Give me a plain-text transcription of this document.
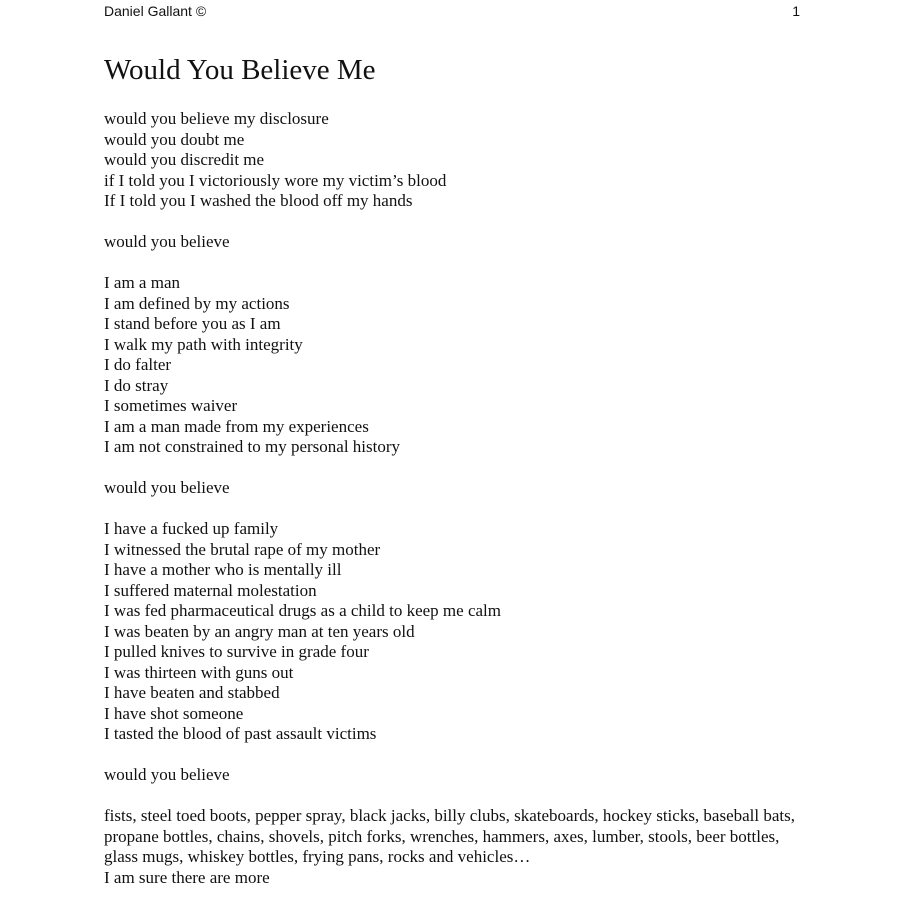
Daniel Gallant ©	1
Would You Believe Me
would you believe my disclosure
would you doubt me
would you discredit me
if I told you I victoriously wore my victim’s blood
If I told you I washed the blood off my hands
would you believe
I am a man
I am defined by my actions
I stand before you as I am
I walk my path with integrity
I do falter
I do stray
I sometimes waiver
I am a man made from my experiences
I am not constrained to my personal history
would you believe
I have a fucked up family
I witnessed the brutal rape of my mother
I have a mother who is mentally ill
I suffered maternal molestation
I was fed pharmaceutical drugs as a child to keep me calm
I was beaten by an angry man at ten years old
I pulled knives to survive in grade four
I was thirteen with guns out
I have beaten and stabbed
I have shot someone
I tasted the blood of past assault victims
would you believe
fists, steel toed boots, pepper spray, black jacks, billy clubs, skateboards, hockey sticks, baseball bats, propane bottles, chains, shovels, pitch forks, wrenches, hammers, axes, lumber, stools, beer bottles, glass mugs, whiskey bottles, frying pans, rocks and vehicles…
I am sure there are more
